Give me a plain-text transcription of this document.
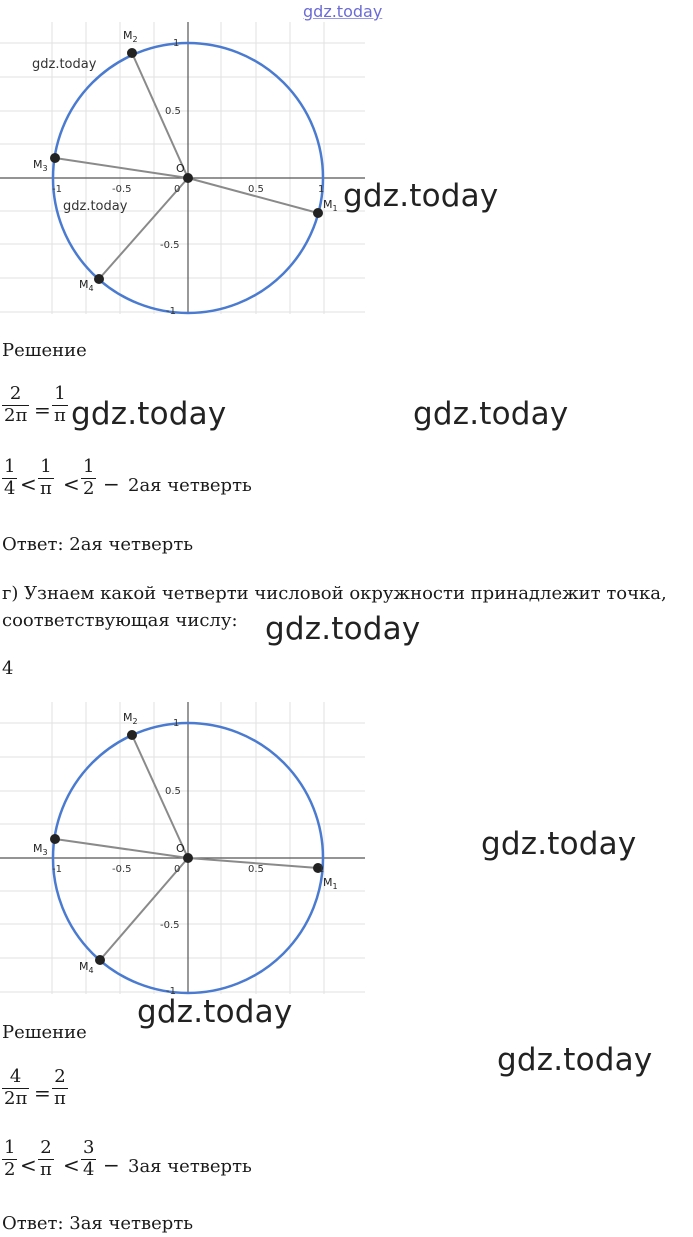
gdz.today
-1	-0.5	0	0.5	1
1
0.5
-0.5
-1
$M_2$
$M_3$
$M_4$
$M_1$
O
gdz.today
gdz.today	gdz.today
Решение
2
2π =
1
π gdz.today	gdz.today
1
4 <
1
π <
1
2 − 2ая четверть
Ответ: 2ая четверть
г) Узнаем какой четверти числовой окружности принадлежит точка,
соответствующая числу: gdz.today
4
-1	-0.5	0	0.5	1
1
0.5
-0.5
-1
$M_2$
$M_3$
$M_4$
$M_1$
O	gdz.today
Решение
gdz.today
gdz.today
4
2π =
2
π
1
2 <
2
π <
3
4 − 3ая четверть
Ответ: 3ая четверть
